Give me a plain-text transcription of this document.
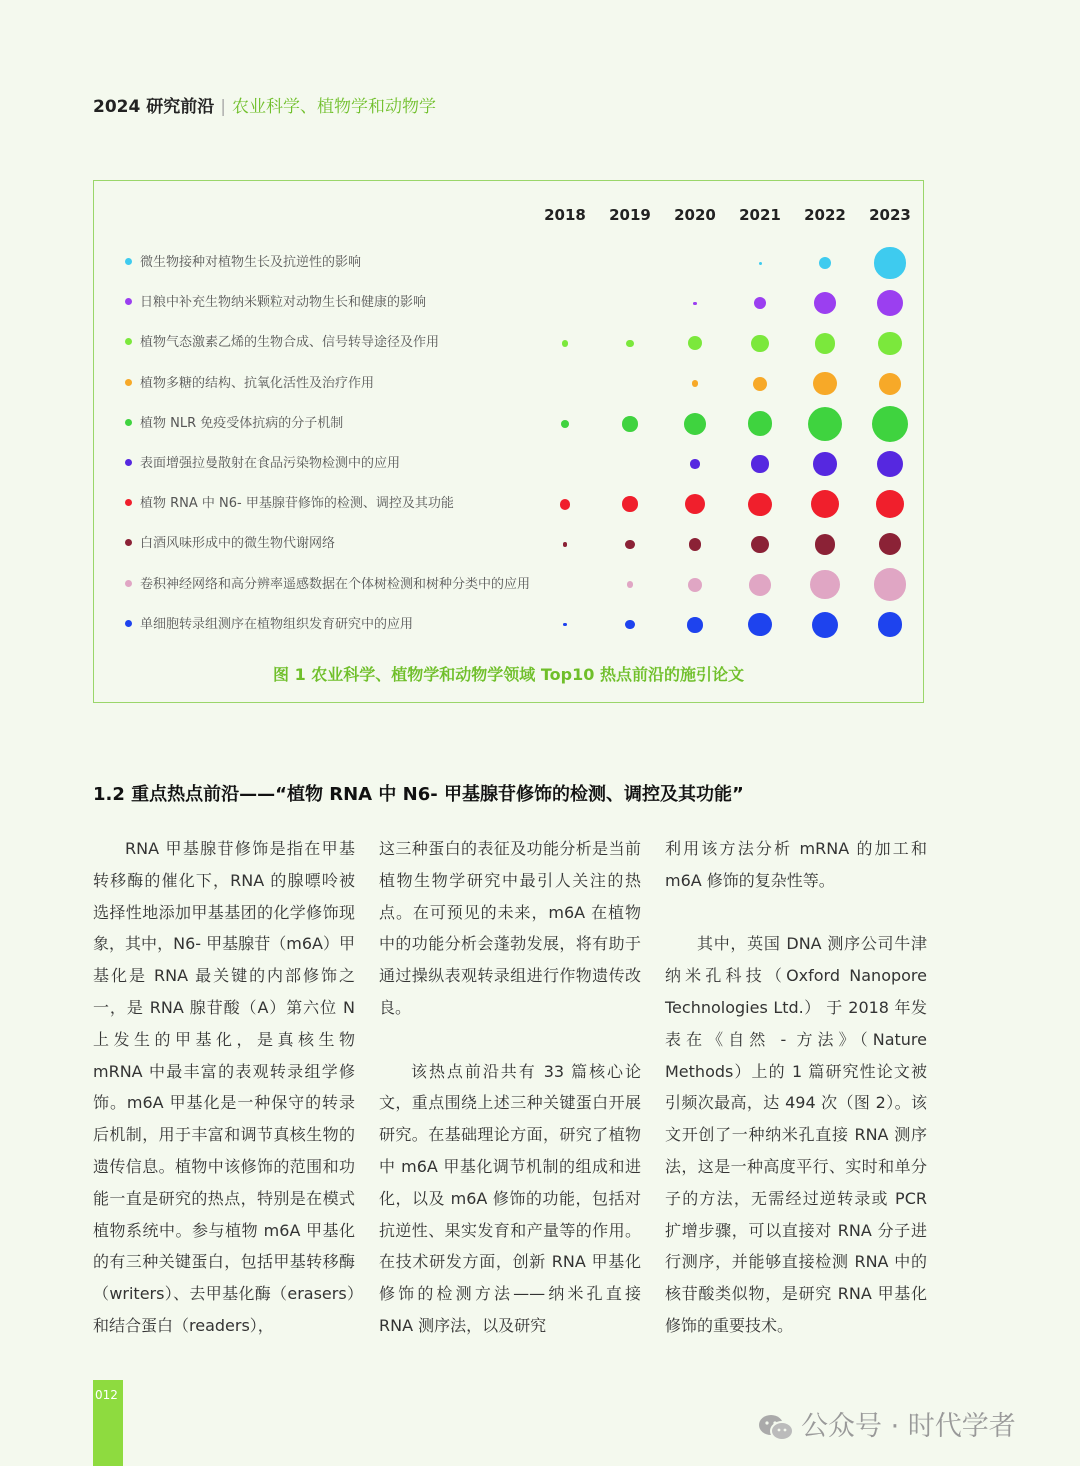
2024 研究前沿 | 农业科学、植物学和动物学
图 1 农业科学、植物学和动物学领域 Top10 热点前沿的施引论文
2018	2019	2020	2021	2022	2023
微生物接种对植物生长及抗逆性的影响
日粮中补充生物纳米颗粒对动物生长和健康的影响
植物气态激素乙烯的生物合成、信号转导途径及作用
植物多糖的结构、抗氧化活性及治疗作用
植物 NLR 免疫受体抗病的分子机制
表面增强拉曼散射在食品污染物检测中的应用
植物 RNA 中 N6- 甲基腺苷修饰的检测、调控及其功能
白酒风味形成中的微生物代谢网络
卷积神经网络和高分辨率遥感数据在个体树检测和树种分类中的应用
单细胞转录组测序在植物组织发育研究中的应用
1.2 重点热点前沿——“植物 RNA 中 N6- 甲基腺苷修饰的检测、调控及其功能”

RNA 甲基腺苷修饰是指在甲基转移酶的催化下，RNA 的腺嘌呤被选择性地添加甲基基团的化学修饰现象，其中，N6- 甲基腺苷（m6A）甲基化是 RNA 最关键的内部修饰之一，是 RNA 腺苷酸（A）第六位 N 上发生的甲基化，是真核生物 mRNA 中最丰富的表观转录组学修饰。m6A 甲基化是一种保守的转录后机制，用于丰富和调节真核生物的遗传信息。植物中该修饰的范围和功能一直是研究的热点，特别是在模式植物系统中。参与植物 m6A 甲基化的有三种关键蛋白，包括甲基转移酶（writers）、去甲基化酶（erasers）和结合蛋白（readers），

这三种蛋白的表征及功能分析是当前植物生物学研究中最引人关注的热点。在可预见的未来，m6A 在植物中的功能分析会蓬勃发展，将有助于通过操纵表观转录组进行作物遗传改良。

该热点前沿共有 33 篇核心论文，重点围绕上述三种关键蛋白开展研究。在基础理论方面，研究了植物中 m6A 甲基化调节机制的组成和进化，以及 m6A 修饰的功能，包括对抗逆性、果实发育和产量等的作用。在技术研发方面，创新 RNA 甲基化修饰的检测方法——纳米孔直接 RNA 测序法，以及研究

利用该方法分析 mRNA 的加工和 m6A 修饰的复杂性等。

其中，英国 DNA 测序公司牛津纳米孔科技（Oxford Nanopore Technologies Ltd.） 于 2018 年发表在《自然 - 方法》（Nature Methods）上的 1 篇研究性论文被引频次最高，达 494 次（图 2）。该文开创了一种纳米孔直接 RNA 测序法，这是一种高度平行、实时和单分子的方法，无需经过逆转录或 PCR 扩增步骤，可以直接对 RNA 分子进行测序，并能够直接检测 RNA 中的核苷酸类似物，是研究 RNA 甲基化修饰的重要技术。

012
公众号 · 时代学者
